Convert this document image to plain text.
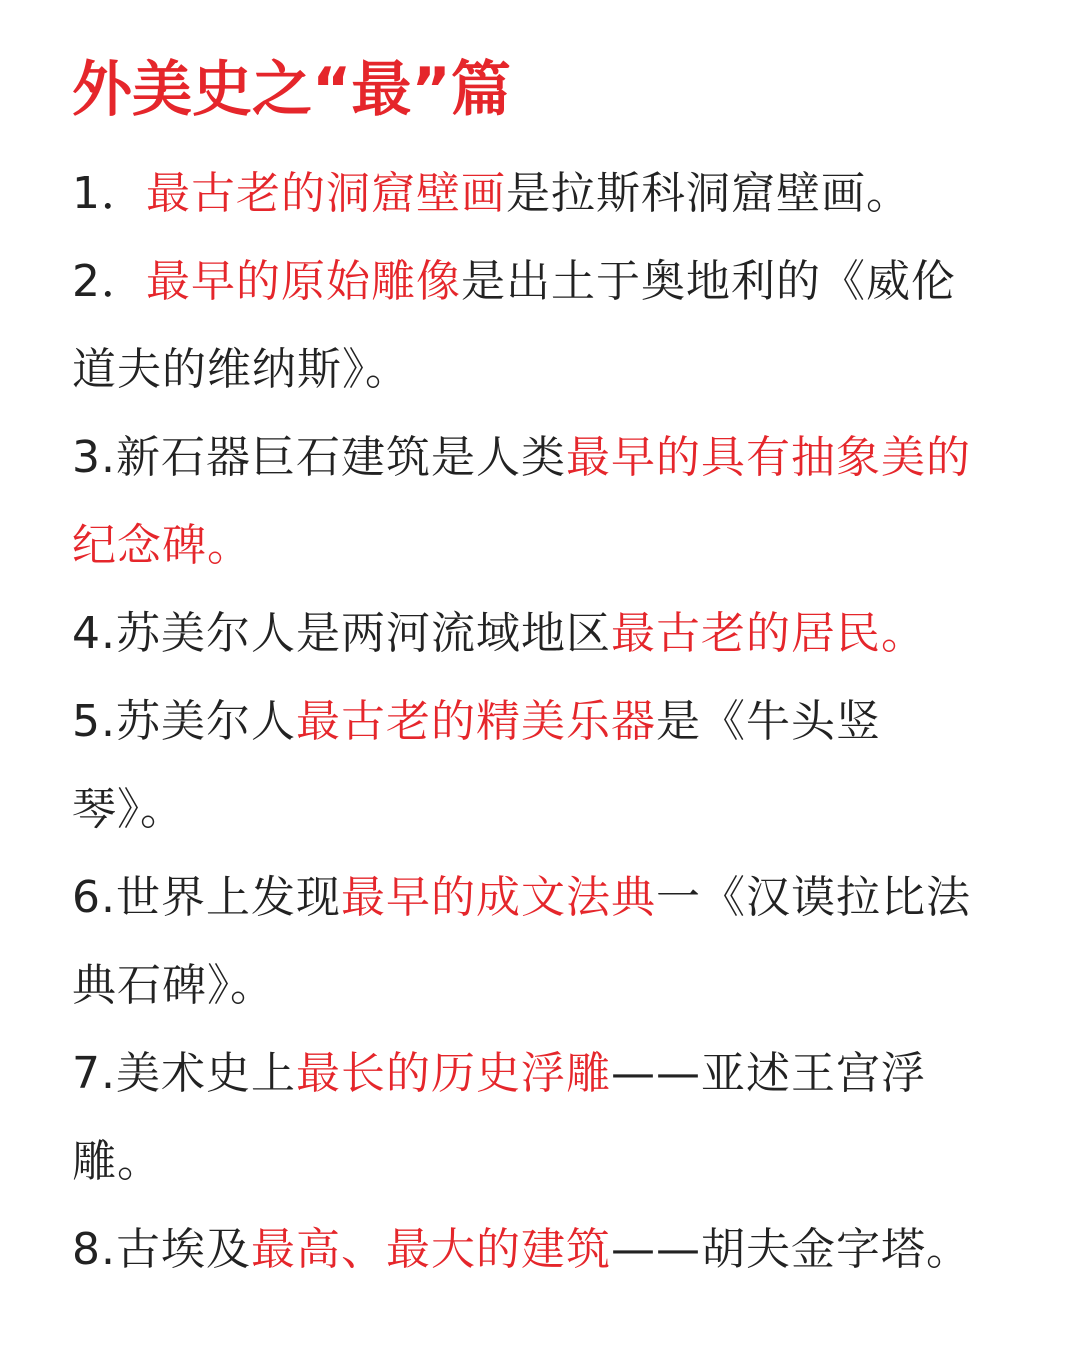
外美史之“最”篇
1．最古老的洞窟壁画是拉斯科洞窟壁画。
2．最早的原始雕像是出土于奥地利的《威伦道夫的维纳斯》。
3.新石器巨石建筑是人类最早的具有抽象美的纪念碑。
4.苏美尔人是两河流域地区最古老的居民。
5.苏美尔人最古老的精美乐器是《牛头竖琴》。
6.世界上发现最早的成文法典一《汉谟拉比法典石碑》。
7.美术史上最长的历史浮雕——亚述王宫浮雕。
8.古埃及最高、最大的建筑——胡夫金字塔。
